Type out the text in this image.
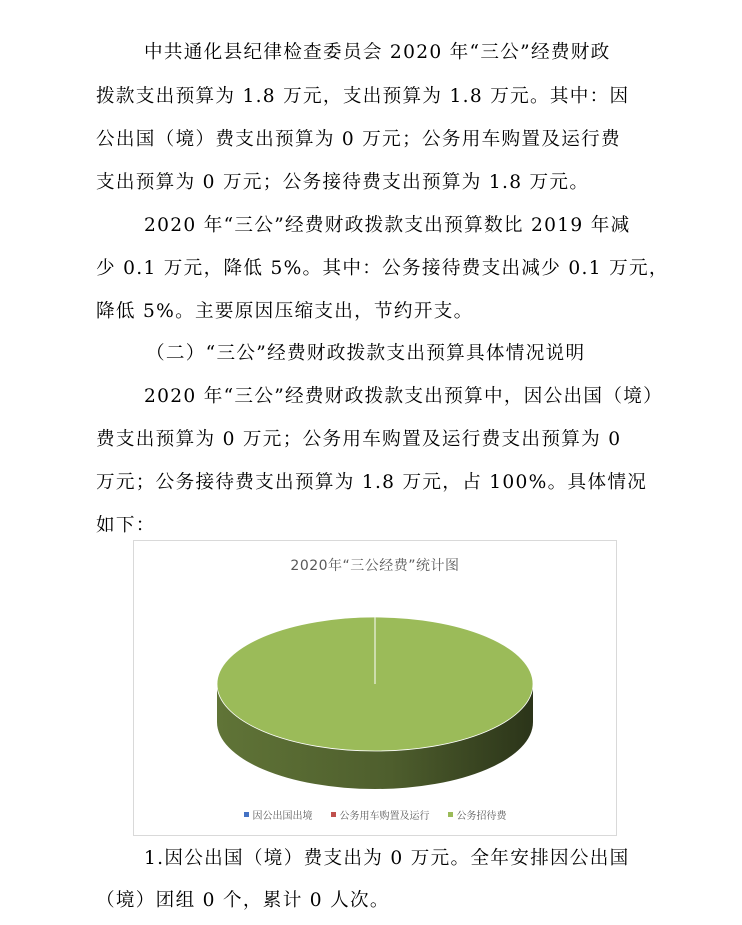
中共通化县纪律检查委员会 2020 年“三公”经费财政
拨款支出预算为 1.8 万元，支出预算为 1.8 万元。其中：因
公出国（境）费支出预算为 0 万元；公务用车购置及运行费
支出预算为 0 万元；公务接待费支出预算为 1.8 万元。
2020 年“三公”经费财政拨款支出预算数比 2019 年减
少 0.1 万元，降低 5%。其中：公务接待费支出减少 0.1 万元，
降低 5%。主要原因压缩支出，节约开支。
（二）“三公”经费财政拨款支出预算具体情况说明
2020 年“三公”经费财政拨款支出预算中，因公出国（境）
费支出预算为 0 万元；公务用车购置及运行费支出预算为 0
万元；公务接待费支出预算为 1.8 万元，占 100%。具体情况
如下：
2020年“三公经费”统计图
因公出国出境	公务用车购置及运行	公务招待费
1.因公出国（境）费支出为 0 万元。全年安排因公出国
（境）团组 0 个，累计 0 人次。
